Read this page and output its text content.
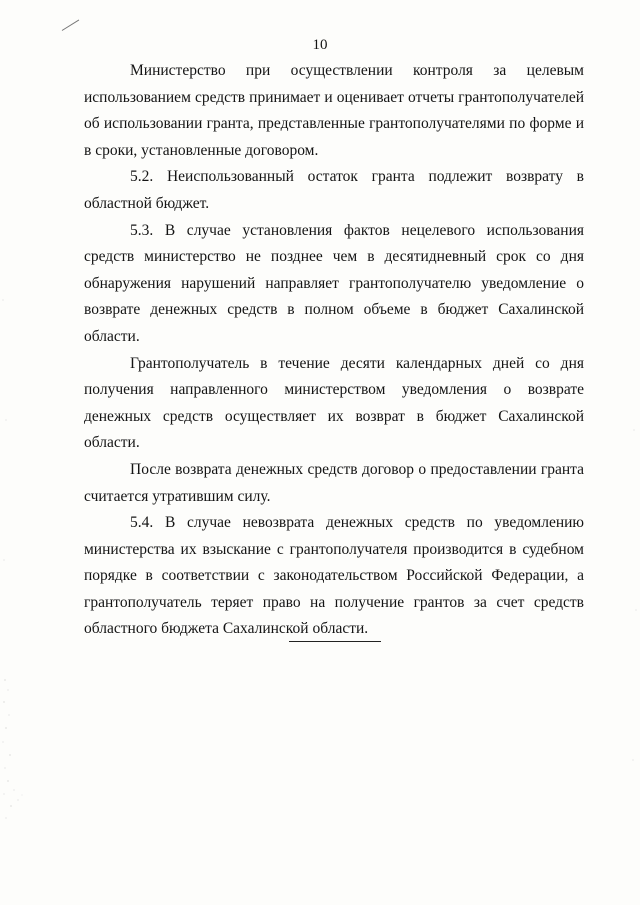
10

Министерство при осуществлении контроля за целевым использованием средств принимает и оценивает отчеты грантополучателей об использовании гранта, представленные грантополучателями по форме и в сроки, установленные договором.

5.2. Неиспользованный остаток гранта подлежит возврату в областной бюджет.

5.3. В случае установления фактов нецелевого использования средств министерство не позднее чем в десятидневный срок со дня обнаружения нарушений направляет грантополучателю уведомление о возврате денежных средств в полном объеме в бюджет Сахалинской области.

Грантополучатель в течение десяти календарных дней со дня получения направленного министерством уведомления о возврате денежных средств осуществляет их возврат в бюджет Сахалинской области.

После возврата денежных средств договор о предоставлении гранта считается утратившим силу.

5.4. В случае невозврата денежных средств по уведомлению министерства их взыскание с грантополучателя производится в судебном порядке в соответствии с законодательством Российской Федерации, а грантополучатель теряет право на получение грантов за счет средств областного бюджета Сахалинской области.
